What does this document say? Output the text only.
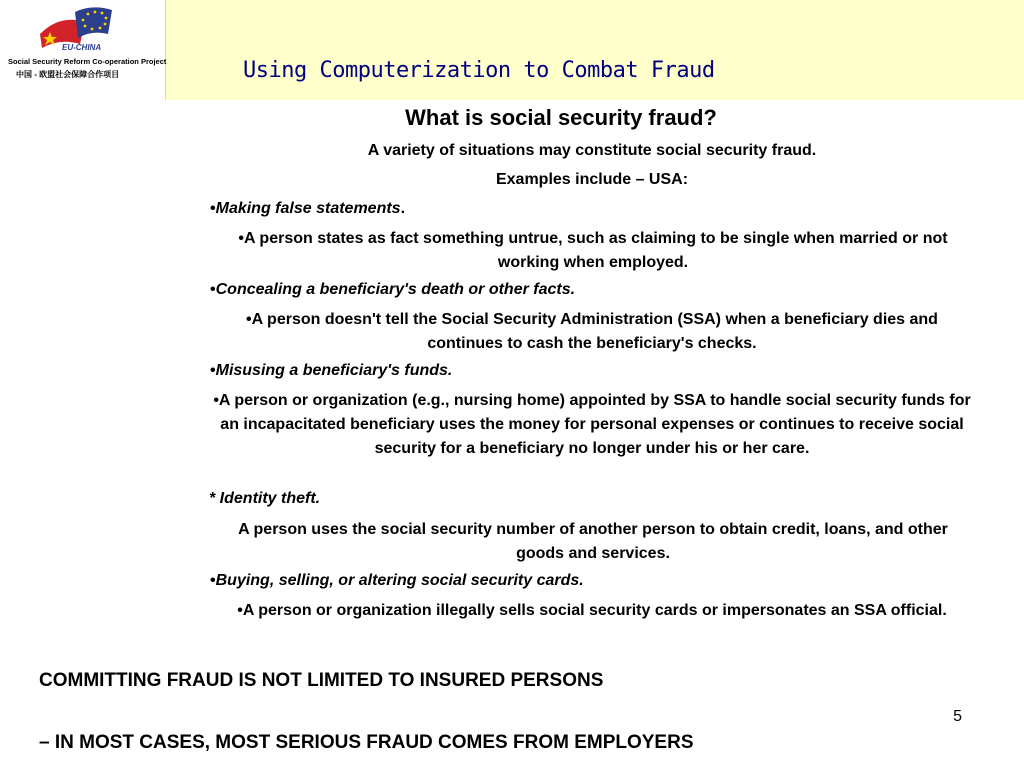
EU-CHINA
Social Security Reform Co-operation Project
中国 - 欧盟社会保障合作项目	Using Computerization to Combat Fraud
What is social security fraud?
A variety of situations may constitute social security fraud.
Examples include – USA:
•Making false statements.
•A person states as fact something untrue, such as claiming to be single when married or not working when employed.
•Concealing a beneficiary's death or other facts.
•A person doesn't tell the Social Security Administration (SSA) when a beneficiary dies and continues to cash the beneficiary's checks.
•Misusing a beneficiary's funds.
•A person or organization (e.g., nursing home) appointed by SSA to handle social security funds for an incapacitated beneficiary uses the money for personal expenses or continues to receive social security for a beneficiary no longer under his or her care.
* Identity theft.
A person uses the social security number of another person to obtain credit, loans, and other goods and services.
•Buying, selling, or altering social security cards.
•A person or organization illegally sells social security cards or impersonates an SSA official.
COMMITTING FRAUD IS NOT LIMITED TO INSURED PERSONS
– IN MOST CASES, MOST SERIOUS FRAUD COMES FROM EMPLOYERS
5
